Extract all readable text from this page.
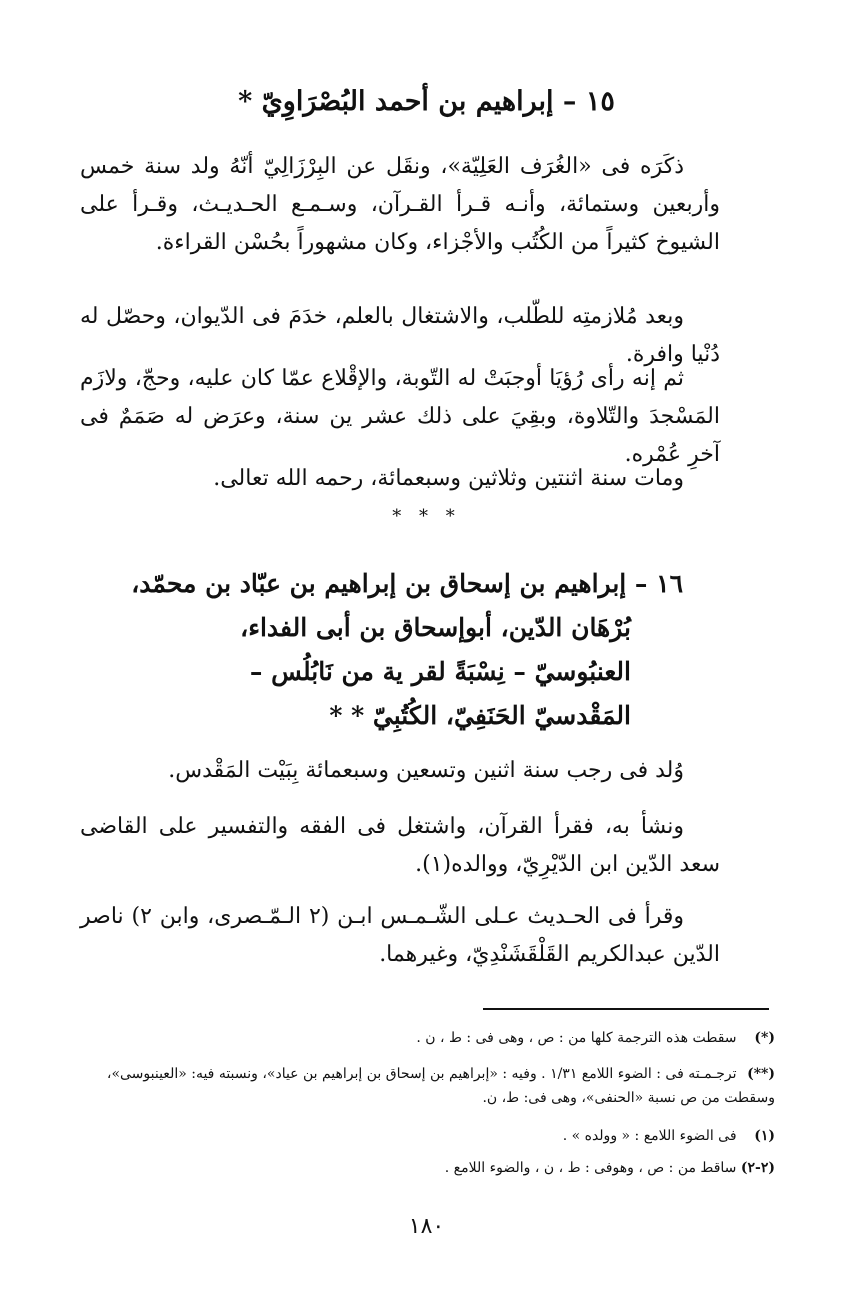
١٥ – إبراهيم بن أحمد البُصْرَاوِيّ *

ذكَرَه فى «الغُرَف العَلِيّة»، ونقَل عن البِرْزَالِيّ أنّهُ ولد سنة خمس وأربعين وستمائة، وأنـه قـرأ القـرآن، وسـمـع الحـديـث، وقـرأ على الشيوخ كثيراً من الكُتُب والأجْزاء، وكان مشهوراً بحُسْن القراءة.

وبعد مُلازمتِه للطّلب، والاشتغال بالعلم، خدَمَ فى الدّيوان، وحصّل له دُنْيا وافرة.

ثم إنه رأى رُؤيَا أوجبَتْ له التّوبة، والإقْلاع عمّا كان عليه، وحجّ، ولازَم المَسْجدَ والتّلاوة، وبقِيَ على ذلك عشر ين سنة، وعرَض له صَمَمٌ فى آخرِ عُمْره.

ومات سنة اثنتين وثلاثين وسبعمائة، رحمه الله تعالى.

* * *
١٦ – إبراهيم بن إسحاق بن إبراهيم بن عبّاد بن محمّد،
بُرْهَان الدّين، أبوإسحاق بن أبى الفداء،
العنبُوسيّ – نِسْبَةً لقر ية من نَابُلُس –
المَقْدسيّ الحَنَفِيّ، الكُتُبِيّ * *

وُلد فى رجب سنة اثنين وتسعين وسبعمائة بِبَيْت المَقْدس.

ونشأ به، فقرأ القرآن، واشتغل فى الفقه والتفسير على القاضى سعد الدّين ابن الدّيْرِيّ، ووالده(١).

وقرأ فى الحـديث عـلى الشّـمـس ابـن (٢ الـمّـصرى، وابن ٢) ناصر الدّين عبدالكريم القَلْقَشَنْدِيّ، وغيرهما.

(*) سقطت هذه الترجمة كلها من : ص ، وهى فى : ط ، ن .
(**) ترجـمـته فى : الضوء اللامع ١/٣١ . وفيه : «إبراهيم بن إسحاق بن إبراهيم بن عياد»، ونسبته فيه: «العينبوسى»، وسقطت من ص نسبة «الحنفى»، وهى فى: ط، ن.
(١) فى الضوء اللامع : « وولده » .
(٢-٢) ساقط من : ص ، وهوفى : ط ، ن ، والضوء اللامع .
١٨٠
